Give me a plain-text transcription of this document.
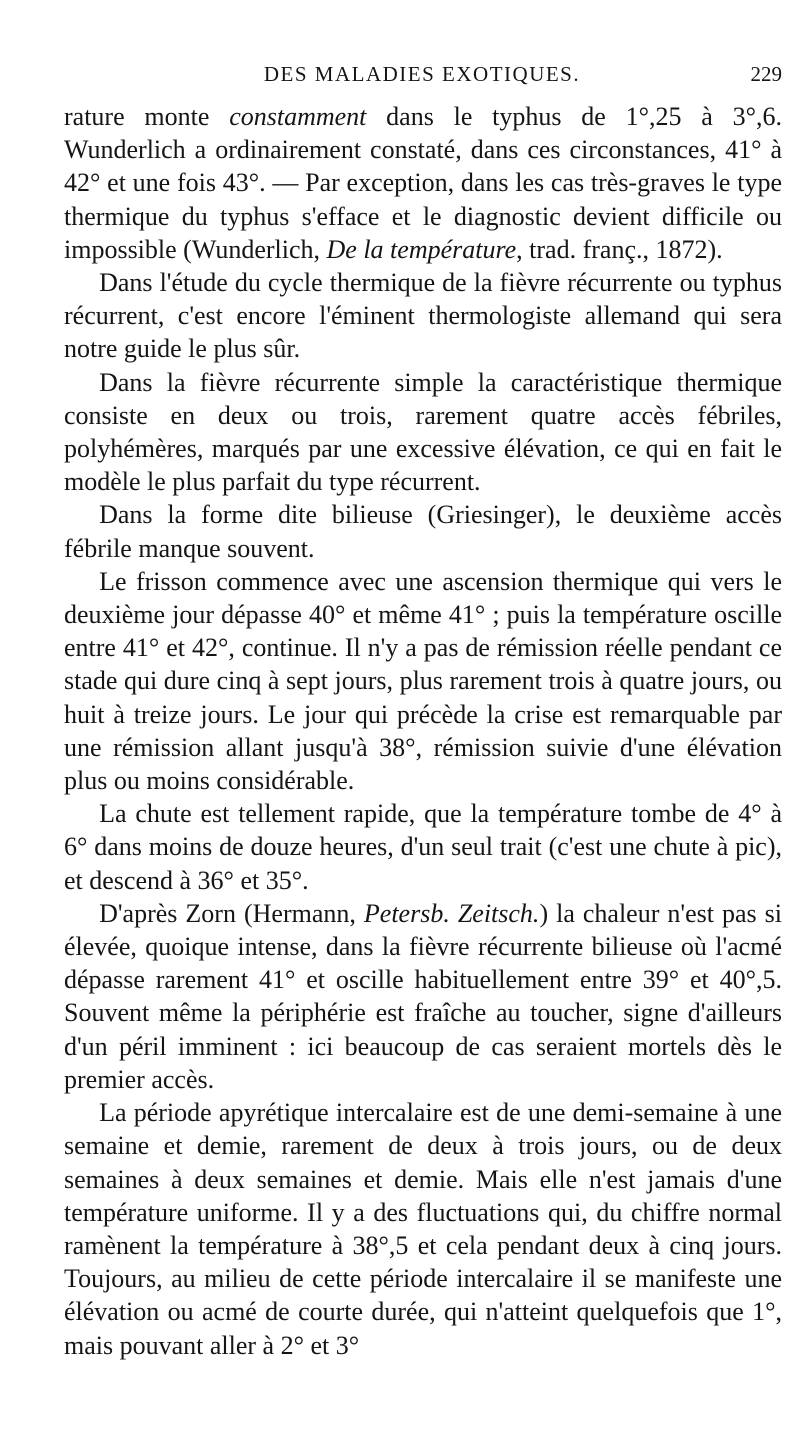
DES MALADIES EXOTIQUES.	229

rature monte constamment dans le typhus de 1°,25 à 3°,6. Wunderlich a ordinairement constaté, dans ces circonstances, 41° à 42° et une fois 43°. — Par exception, dans les cas très-graves le type thermique du typhus s'efface et le diagnostic devient difficile ou impossible (Wunderlich, De la température, trad. franç., 1872).

Dans l'étude du cycle thermique de la fièvre récurrente ou typhus récurrent, c'est encore l'éminent thermologiste allemand qui sera notre guide le plus sûr.

Dans la fièvre récurrente simple la caractéristique thermique consiste en deux ou trois, rarement quatre accès fébriles, polyhémères, marqués par une excessive élévation, ce qui en fait le modèle le plus parfait du type récurrent.

Dans la forme dite bilieuse (Griesinger), le deuxième accès fébrile manque souvent.

Le frisson commence avec une ascension thermique qui vers le deuxième jour dépasse 40° et même 41° ; puis la température oscille entre 41° et 42°, continue. Il n'y a pas de rémission réelle pendant ce stade qui dure cinq à sept jours, plus rarement trois à quatre jours, ou huit à treize jours. Le jour qui précède la crise est remarquable par une rémission allant jusqu'à 38°, rémission suivie d'une élévation plus ou moins considérable.

La chute est tellement rapide, que la température tombe de 4° à 6° dans moins de douze heures, d'un seul trait (c'est une chute à pic), et descend à 36° et 35°.

D'après Zorn (Hermann, Petersb. Zeitsch.) la chaleur n'est pas si élevée, quoique intense, dans la fièvre récurrente bilieuse où l'acmé dépasse rarement 41° et oscille habituellement entre 39° et 40°,5. Souvent même la périphérie est fraîche au toucher, signe d'ailleurs d'un péril imminent : ici beaucoup de cas seraient mortels dès le premier accès.

La période apyrétique intercalaire est de une demi-semaine à une semaine et demie, rarement de deux à trois jours, ou de deux semaines à deux semaines et demie. Mais elle n'est jamais d'une température uniforme. Il y a des fluctuations qui, du chiffre normal ramènent la température à 38°,5 et cela pendant deux à cinq jours. Toujours, au milieu de cette période intercalaire il se manifeste une élévation ou acmé de courte durée, qui n'atteint quelquefois que 1°, mais pouvant aller à 2° et 3°
